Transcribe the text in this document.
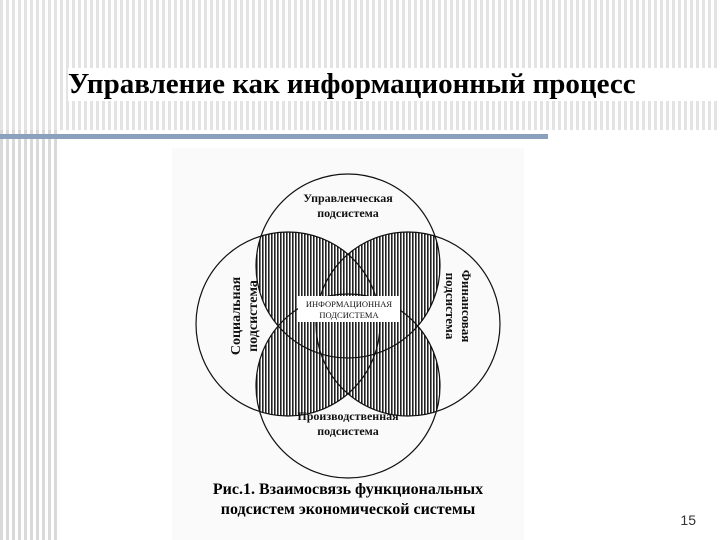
Управление как информационный процесс
ИНФОРМАЦИОННАЯ
ПОДСИСТЕМА
Управленческая
подсистема
Производственная
подсистема
Социальная подсистема	Финансовая
подсистема
Рис.1. Взаимосвязь функциональных
подсистем экономической системы
15
